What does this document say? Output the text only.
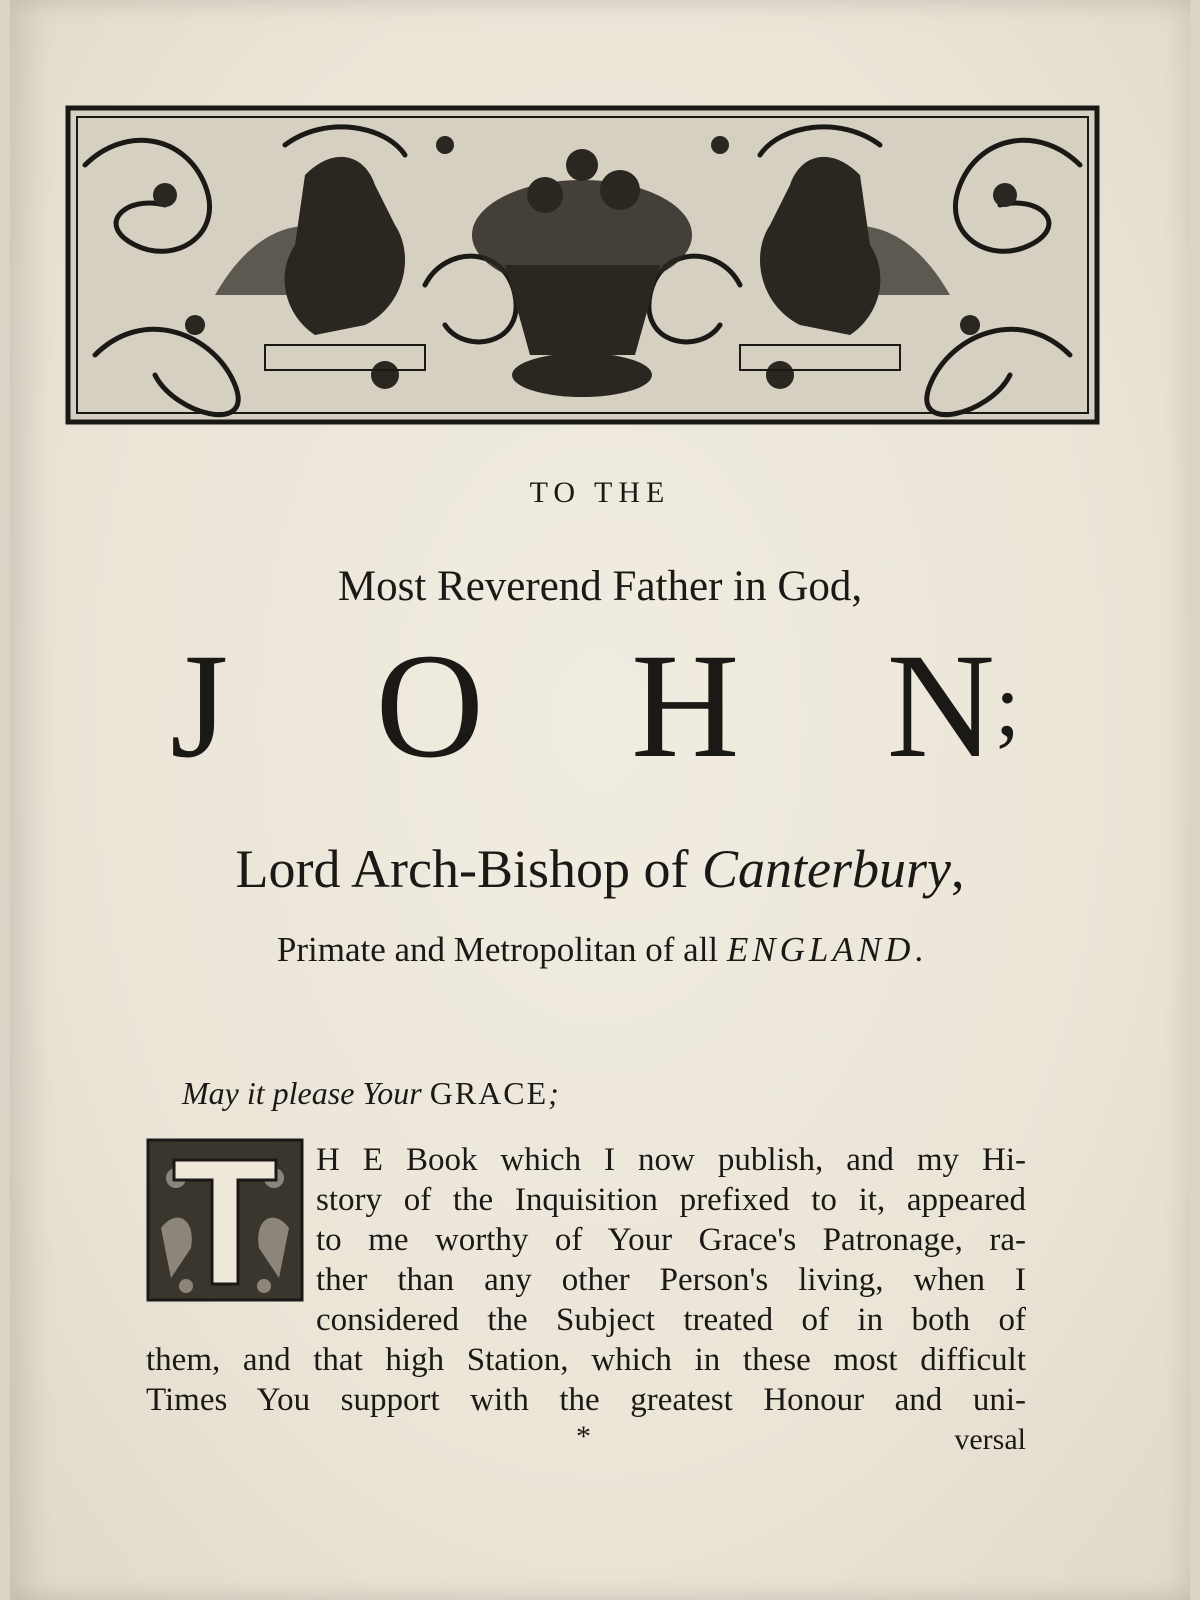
TO THE
Most Reverend Father in God,
J O H N;
Lord Arch-Bishop of Canterbury,
Primate and Metropolitan of all ENGLAND.
May it please Your GRACE;
H E Book which I now publish, and my Hi-
story of the Inquisition prefixed to it, appeared
to me worthy of Your Grace's Patronage, ra-
ther than any other Person's living, when I
considered the Subject treated of in both of
them, and that high Station, which in these most difficult
Times You support with the greatest Honour and uni-
versal
*
